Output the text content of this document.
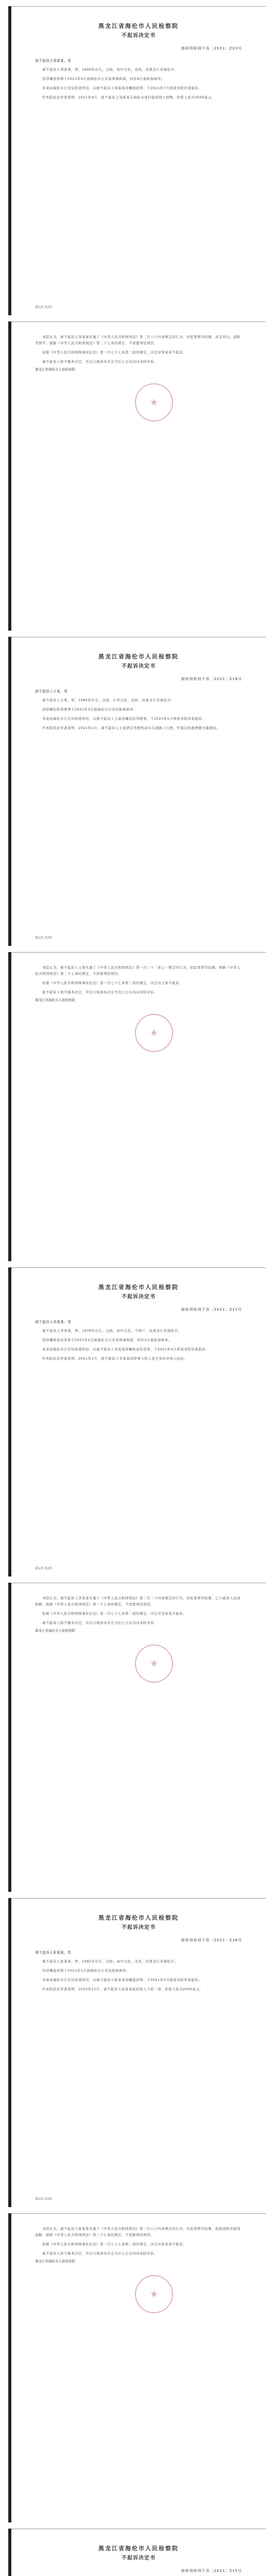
黑龙江省海伦市人民检察院
不起诉决定书
海检刑检刑不诉〔2021〕Z20号
被不起诉人邹某某，男
被不起诉人邹某某，男，1990年出生，汉族，初中文化，农民，住黑龙江省海伦市。
因涉嫌盗窃罪于2021年5月被海伦市公安局刑事拘留，同年6月被取保候审。
本案由海伦市公安局侦查终结，以被不起诉人邹某某涉嫌盗窃罪，于2021年7月移送本院审查起诉。
经本院依法审查查明：2021年4月，被不起诉人邹某某在海伦市某村盗窃他人财物，价值人民币3000余元。
第1页 共2页
本院认为，被不起诉人邹某某实施了《中华人民共和国刑法》第二百六十四条规定的行为，但犯罪情节轻微，具有坦白、退赃等情节，根据《中华人民共和国刑法》第三十七条的规定，不需要判处刑罚。
依据《中华人民共和国刑事诉讼法》第一百七十七条第二款的规定，决定对邹某某不起诉。
被不起诉人如不服本决定，可以自收到本决定书后七日以内向本院申诉。
黑龙江省海伦市人民检察院
★
黑龙江省海伦市人民检察院
不起诉决定书
海检刑检刑不诉〔2021〕Z18号
被不起诉人王某，男
被不起诉人王某，男，1985年出生，汉族，小学文化，农民，住黑龙江省海伦市。
因涉嫌危险驾驶罪于2021年3月被海伦市公安局取保候审。
本案由海伦市公安局侦查终结，以被不起诉人王某涉嫌危险驾驶罪，于2021年5月移送本院审查起诉。
经本院依法审查查明：2021年2月，被不起诉人王某酒后驾驶机动车在道路上行驶，经鉴定血液酒精含量超标。
第1页 共2页
本院认为，被不起诉人王某实施了《中华人民共和国刑法》第一百三十三条之一规定的行为，但犯罪情节轻微，根据《中华人民共和国刑法》第三十七条的规定，不需要判处刑罚。
依据《中华人民共和国刑事诉讼法》第一百七十七条第二款的规定，决定对王某不起诉。
被不起诉人如不服本决定，可以自收到本决定书后七日以内向本院申诉。
黑龙江省海伦市人民检察院
★
黑龙江省海伦市人民检察院
不起诉决定书
海检刑检刑不诉〔2021〕Z17号
被不起诉人李某某，男
被不起诉人李某某，男，1978年出生，汉族，初中文化，个体户，住黑龙江省海伦市。
因涉嫌故意伤害罪于2021年2月被海伦市公安局刑事拘留，同年3月被取保候审。
本案由海伦市公安局侦查终结，以被不起诉人李某某涉嫌故意伤害罪，于2021年4月移送本院审查起诉。
经本院依法审查查明：2021年1月，被不起诉人李某某因琐事与他人发生争执并致人轻伤。
第1页 共2页
本院认为，被不起诉人李某某实施了《中华人民共和国刑法》第二百三十四条规定的行为，但犯罪情节轻微，已与被害人达成和解，根据《中华人民共和国刑法》第三十七条的规定，不需要判处刑罚。
依据《中华人民共和国刑事诉讼法》第一百七十七条第二款的规定，决定对李某某不起诉。
被不起诉人如不服本决定，可以自收到本决定书后七日以内向本院申诉。
黑龙江省海伦市人民检察院
★
黑龙江省海伦市人民检察院
不起诉决定书
海检刑检刑不诉〔2021〕Z16号
被不起诉人张某某，男
被不起诉人张某某，男，1992年出生，汉族，高中文化，无业，住黑龙江省海伦市。
因涉嫌盗窃罪于2021年1月被海伦市公安局取保候审。
本案由海伦市公安局侦查终结，以被不起诉人张某某涉嫌盗窃罪，于2021年3月移送本院审查起诉。
经本院依法审查查明：2020年12月，被不起诉人张某某盗窃他人手机一部，价值人民币2000余元。
第1页 共2页
本院认为，被不起诉人张某某实施了《中华人民共和国刑法》第二百六十四条规定的行为，但犯罪情节轻微，积极退赃并取得谅解，根据《中华人民共和国刑法》第三十七条的规定，不需要判处刑罚。
依据《中华人民共和国刑事诉讼法》第一百七十七条第二款的规定，决定对张某某不起诉。
被不起诉人如不服本决定，可以自收到本决定书后七日以内向本院申诉。
黑龙江省海伦市人民检察院
★
黑龙江省海伦市人民检察院
不起诉决定书
海检刑检刑不诉〔2021〕Z15号
